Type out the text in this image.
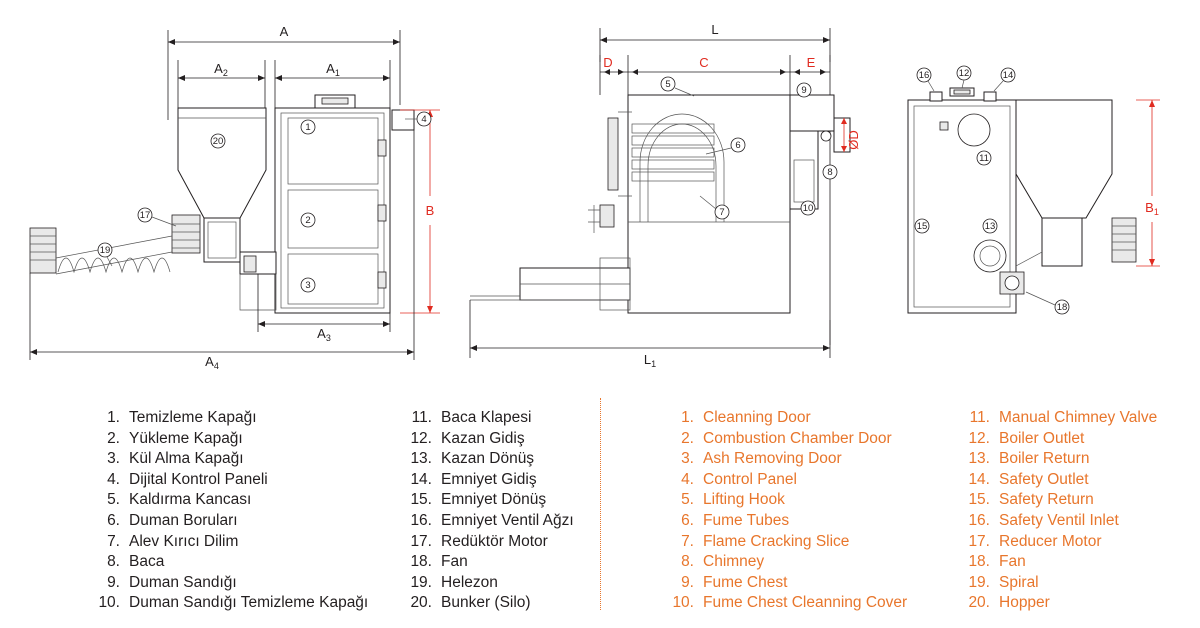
A
$A_2$	$A_1$
B
$A_3$
$A_4$
1
2
3
4
20
17
19
L
D	C	E
ØD
$L_1$
5
6
7
8
9
10	$B_1$
16	12	14
11
15	13
18
1. Temizleme Kapağı
2. Yükleme Kapağı
3. Kül Alma Kapağı
4. Dijital Kontrol Paneli
5. Kaldırma Kancası
6. Duman Boruları
7. Alev Kırıcı Dilim
8. Baca
9. Duman Sandığı
10. Duman Sandığı Temizleme Kapağı
11. Baca Klapesi
12. Kazan Gidiş
13. Kazan Dönüş
14. Emniyet Gidiş
15. Emniyet Dönüş
16. Emniyet Ventil Ağzı
17. Redüktör Motor
18. Fan
19. Helezon
20. Bunker (Silo)
1. Cleanning Door
2. Combustion Chamber Door
3. Ash Removing Door
4. Control Panel
5. Lifting Hook
6. Fume Tubes
7. Flame Cracking Slice
8. Chimney
9. Fume Chest
10. Fume Chest Cleanning Cover
11. Manual Chimney Valve
12. Boiler Outlet
13. Boiler Return
14. Safety Outlet
15. Safety Return
16. Safety Ventil Inlet
17. Reducer Motor
18. Fan
19. Spiral
20. Hopper
